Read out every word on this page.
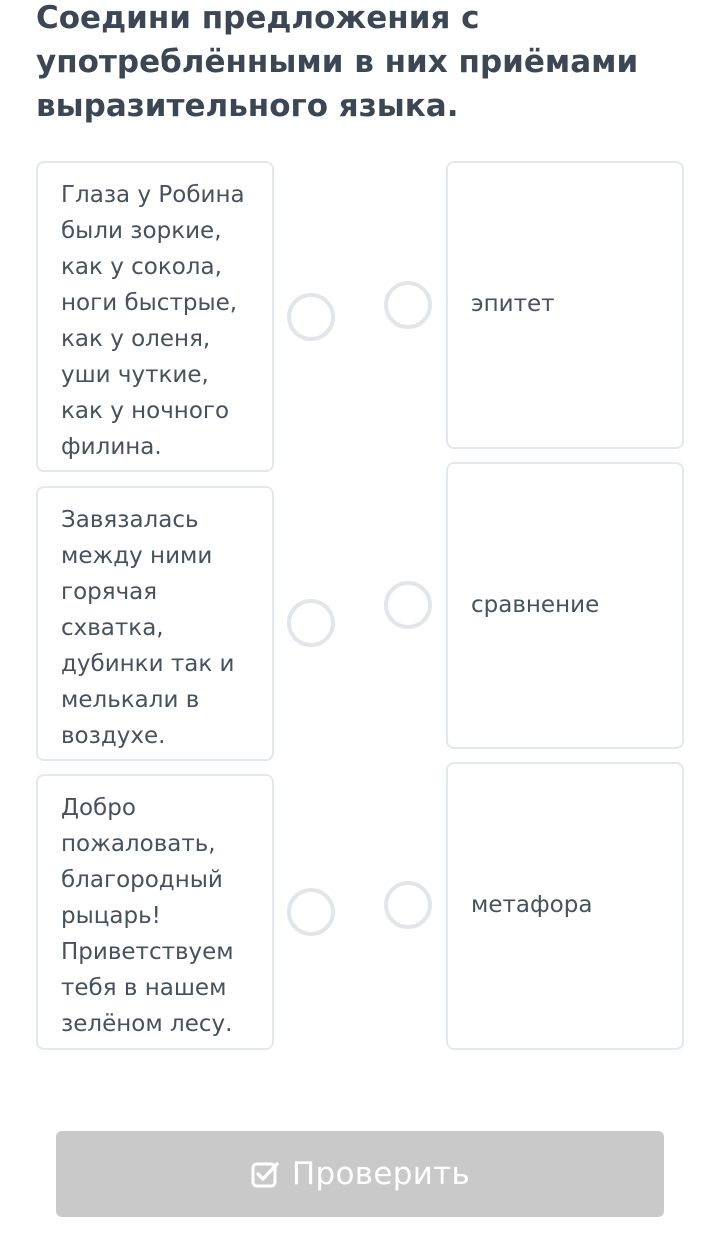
Соедини предложения с
употреблёнными в них приёмами
выразительного языка.
Глаза у Робина
были зоркие,
как у сокола,
ноги быстрые,
как у оленя,
уши чуткие,
как у ночного
филина.
Завязалась
между ними
горячая
схватка,
дубинки так и
мелькали в
воздухе.
Добро
пожаловать,
благородный
рыцарь!
Приветствуем
тебя в нашем
зелёном лесу.
эпитет
сравнение
метафора
Проверить
